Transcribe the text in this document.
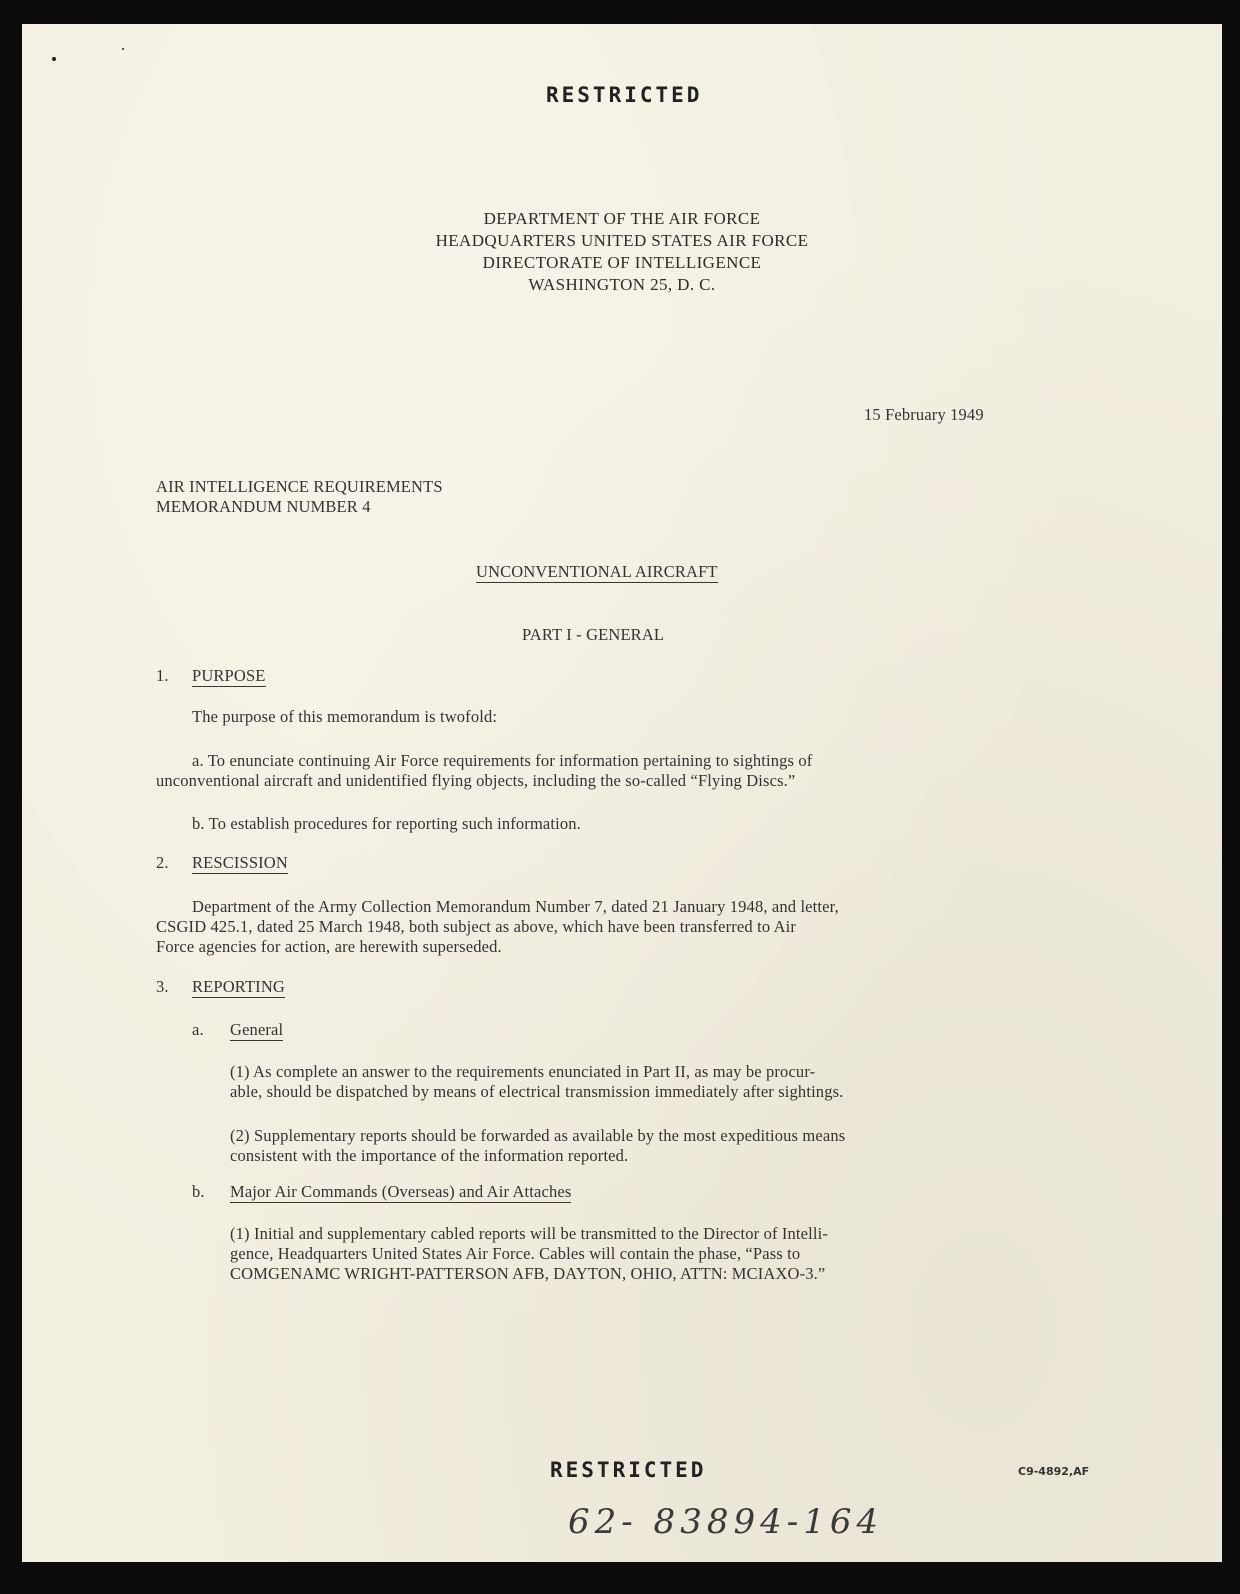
RESTRICTED
DEPARTMENT OF THE AIR FORCE
HEADQUARTERS UNITED STATES AIR FORCE
DIRECTORATE OF INTELLIGENCE
WASHINGTON 25, D. C.
15 February 1949
AIR INTELLIGENCE REQUIREMENTS
MEMORANDUM NUMBER 4
UNCONVENTIONAL AIRCRAFT
PART I - GENERAL
1. PURPOSE
The purpose of this memorandum is twofold:
a. To enunciate continuing Air Force requirements for information pertaining to sightings of
unconventional aircraft and unidentified flying objects, including the so-called “Flying Discs.”
b. To establish procedures for reporting such information.
2. RESCISSION
Department of the Army Collection Memorandum Number 7, dated 21 January 1948, and letter,
CSGID 425.1, dated 25 March 1948, both subject as above, which have been transferred to Air
Force agencies for action, are herewith superseded.
3. REPORTING
a. General
(1) As complete an answer to the requirements enunciated in Part II, as may be procur-
able, should be dispatched by means of electrical transmission immediately after sightings.
(2) Supplementary reports should be forwarded as available by the most expeditious means
consistent with the importance of the information reported.
b. Major Air Commands (Overseas) and Air Attaches
(1) Initial and supplementary cabled reports will be transmitted to the Director of Intelli-
gence, Headquarters United States Air Force. Cables will contain the phase, “Pass to
COMGENAMC WRIGHT-PATTERSON AFB, DAYTON, OHIO, ATTN: MCIAXO-3.”
RESTRICTED	C9-4892,AF
62- 83894-164
